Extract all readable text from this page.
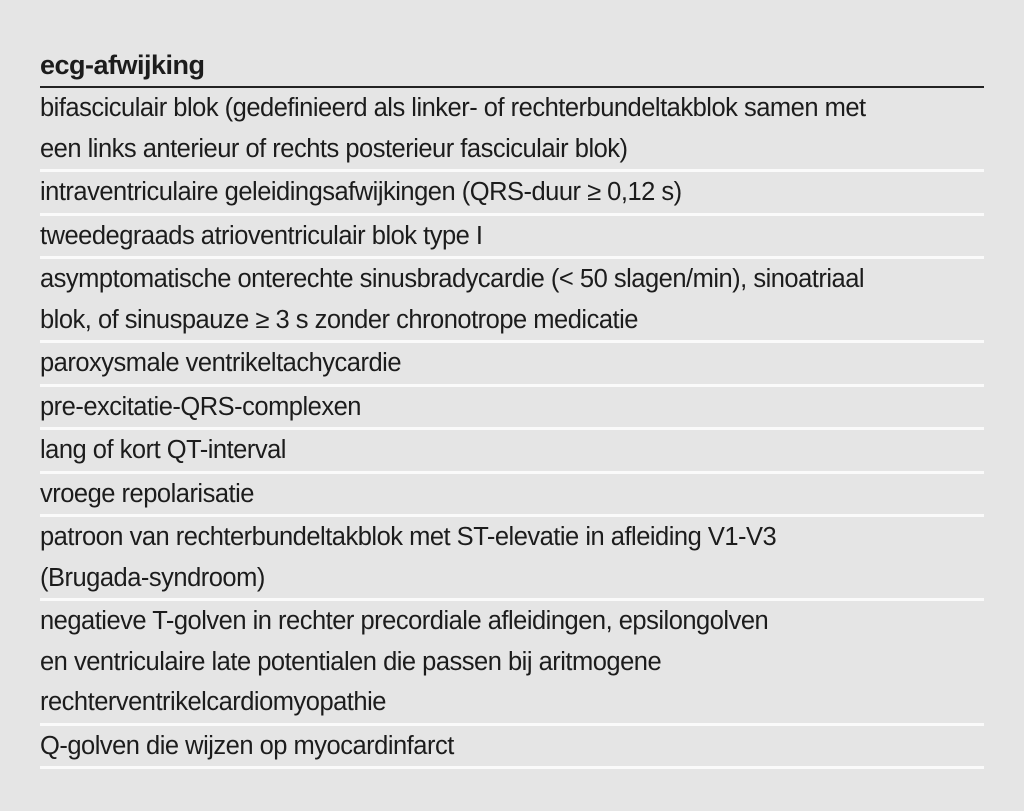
ecg-afwijking
bifasciculair blok (gedefinieerd als linker- of rechterbundeltakblok samen met
een links anterieur of rechts posterieur fasciculair blok)
intraventriculaire geleidingsafwijkingen (QRS-duur ≥ 0,12 s)
tweedegraads atrioventriculair blok type I
asymptomatische onterechte sinusbradycardie (< 50 slagen/min), sinoatriaal
blok, of sinuspauze ≥ 3 s zonder chronotrope medicatie
paroxysmale ventrikeltachycardie
pre-excitatie-QRS-complexen
lang of kort QT-interval
vroege repolarisatie
patroon van rechterbundeltakblok met ST-elevatie in afleiding V1-V3
(Brugada-syndroom)
negatieve T-golven in rechter precordiale afleidingen, epsilongolven
en ventriculaire late potentialen die passen bij aritmogene
rechterventrikelcardiomyopathie
Q-golven die wijzen op myocardinfarct
